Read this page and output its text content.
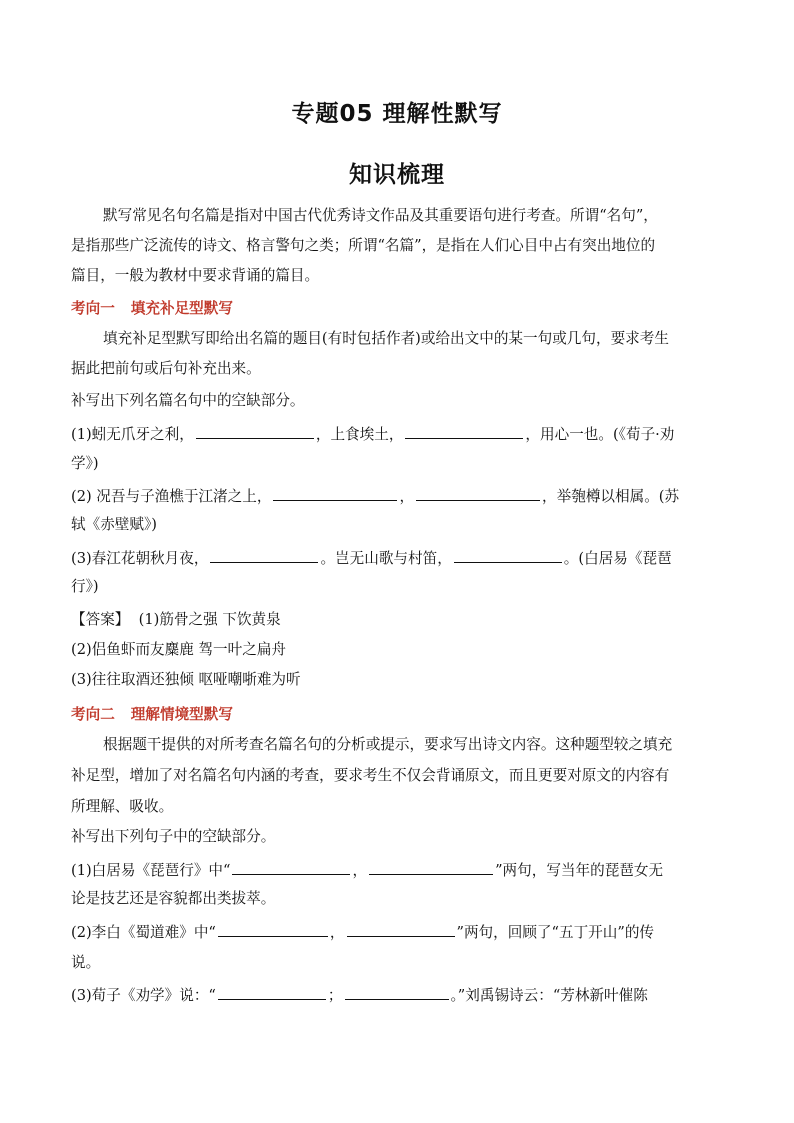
专题05 理解性默写
知识梳理
默写常见名句名篇是指对中国古代优秀诗文作品及其重要语句进行考查。所谓“名句”，
是指那些广泛流传的诗文、格言警句之类；所谓“名篇”，是指在人们心目中占有突出地位的
篇目，一般为教材中要求背诵的篇目。
考向一 填充补足型默写
填充补足型默写即给出名篇的题目(有时包括作者)或给出文中的某一句或几句，要求考生
据此把前句或后句补充出来。
补写出下列名篇名句中的空缺部分。
(1)蚓无爪牙之利，	，上食埃土，	，用心一也。(《荀子·劝
学》)
(2) 况吾与子渔樵于江渚之上，	，	，举匏樽以相属。(苏
轼《赤壁赋》)
(3)春江花朝秋月夜，	。岂无山歌与村笛，	。(白居易《琵琶
行》)
【答案】 (1)筋骨之强 下饮黄泉
(2)侣鱼虾而友麋鹿 驾一叶之扁舟
(3)往往取酒还独倾 呕哑嘲哳难为听
考向二 理解情境型默写
根据题干提供的对所考查名篇名句的分析或提示，要求写出诗文内容。这种题型较之填充
补足型，增加了对名篇名句内涵的考查，要求考生不仅会背诵原文，而且更要对原文的内容有
所理解、吸收。
补写出下列句子中的空缺部分。
(1)白居易《琵琶行》中“	，	”两句，写当年的琵琶女无
论是技艺还是容貌都出类拔萃。
(2)李白《蜀道难》中“	，	”两句，回顾了“五丁开山”的传
说。
(3)荀子《劝学》说：“	；	。”刘禹锡诗云：“芳林新叶催陈
